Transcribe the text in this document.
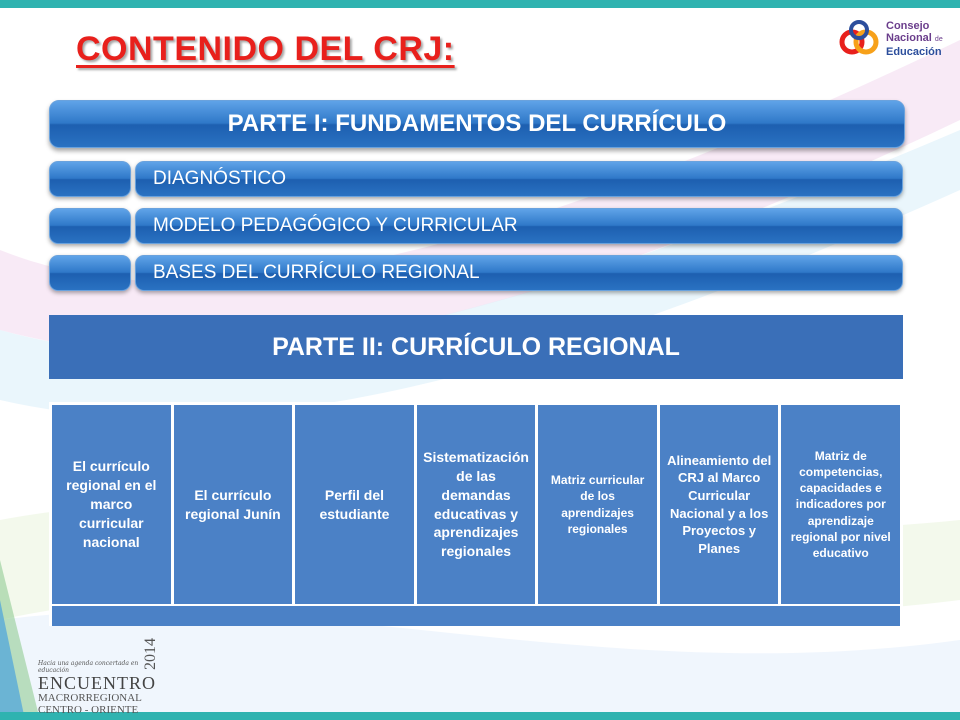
CONTENIDO DEL CRJ:
Consejo
Nacional de
Educación
PARTE I: FUNDAMENTOS DEL CURRÍCULO
DIAGNÓSTICO
MODELO PEDAGÓGICO Y CURRICULAR
BASES DEL CURRÍCULO REGIONAL
PARTE II: CURRÍCULO REGIONAL
El currículo regional en el marco curricular nacional
El currículo regional Junín
Perfil del estudiante
Sistematización de las demandas educativas y aprendizajes regionales
Matriz curricular de los aprendizajes regionales
Alineamiento del CRJ al Marco Curricular Nacional y a los Proyectos y Planes
Matriz de competencias, capacidades e indicadores por aprendizaje regional por nivel educativo
Hacia una agenda concertada en educación
ENCUENTRO
MACRORREGIONAL
CENTRO - ORIENTE
2014
